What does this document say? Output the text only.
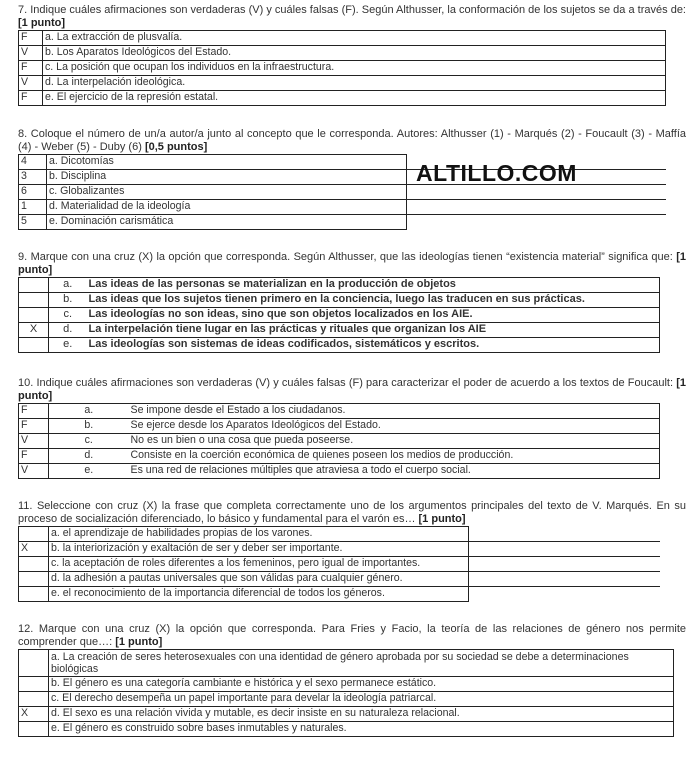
7. Indique cuáles afirmaciones son verdaderas (V) y cuáles falsas (F). Según Althusser, la conformación de los sujetos se da a través de: [1 punto]

F	a. La extracción de plusvalía.
V	b. Los Aparatos Ideológicos del Estado.
F	c. La posición que ocupan los individuos en la infraestructura.
V	d. La interpelación ideológica.
F	e. El ejercicio de la represión estatal.

8. Coloque el número de un/a autor/a junto al concepto que le corresponda. Autores: Althusser (1) - Marqués (2) - Foucault (3) - Maffía (4) - Weber (5) - Duby (6) [0,5 puntos]

4	a. Dicotomías	
3	b. Disciplina	
6	c. Globalizantes	
1	d. Materialidad de la ideología	
5	e. Dominación carismática	
ALTILLO.COM

9. Marque con una cruz (X) la opción que corresponda. Según Althusser, que las ideologías tienen “existencia material” significa que: [1 punto]

	a.	Las ideas de las personas se materializan en la producción de objetos
	b.	Las ideas que los sujetos tienen primero en la conciencia, luego las traducen en sus prácticas.
	c.	Las ideologías no son ideas, sino que son objetos localizados en los AIE.
X	d.	La interpelación tiene lugar en las prácticas y rituales que organizan los AIE
	e.	Las ideologías son sistemas de ideas codificados, sistemáticos y escritos.

10. Indique cuáles afirmaciones son verdaderas (V) y cuáles falsas (F) para caracterizar el poder de acuerdo a los textos de Foucault: [1 punto]

F	a.	Se impone desde el Estado a los ciudadanos.
F	b.	Se ejerce desde los Aparatos Ideológicos del Estado.
V	c.	No es un bien o una cosa que pueda poseerse.
F	d.	Consiste en la coerción económica de quienes poseen los medios de producción.
V	e.	Es una red de relaciones múltiples que atraviesa a todo el cuerpo social.

11. Seleccione con cruz (X) la frase que completa correctamente uno de los argumentos principales del texto de V. Marqués. En su proceso de socialización diferenciado, lo básico y fundamental para el varón es… [1 punto]

	a. el aprendizaje de habilidades propias de los varones.	
X	b. la interiorización y exaltación de ser y deber ser importante.	
	c. la aceptación de roles diferentes a los femeninos, pero igual de importantes.	
	d. la adhesión a pautas universales que son válidas para cualquier género.	
	e. el reconocimiento de la importancia diferencial de todos los géneros.	

12. Marque con una cruz (X) la opción que corresponda. Para Fries y Facio, la teoría de las relaciones de género nos permite comprender que…: [1 punto]

	a. La creación de seres heterosexuales con una identidad de género aprobada por su sociedad se debe a determinaciones biológicas
	b. El género es una categoría cambiante e histórica y el sexo permanece estático.
	c. El derecho desempeña un papel importante para develar la ideología patriarcal.
X	d. El sexo es una relación vivida y mutable, es decir insiste en su naturaleza relacional.
	e. El género es construido sobre bases inmutables y naturales.
